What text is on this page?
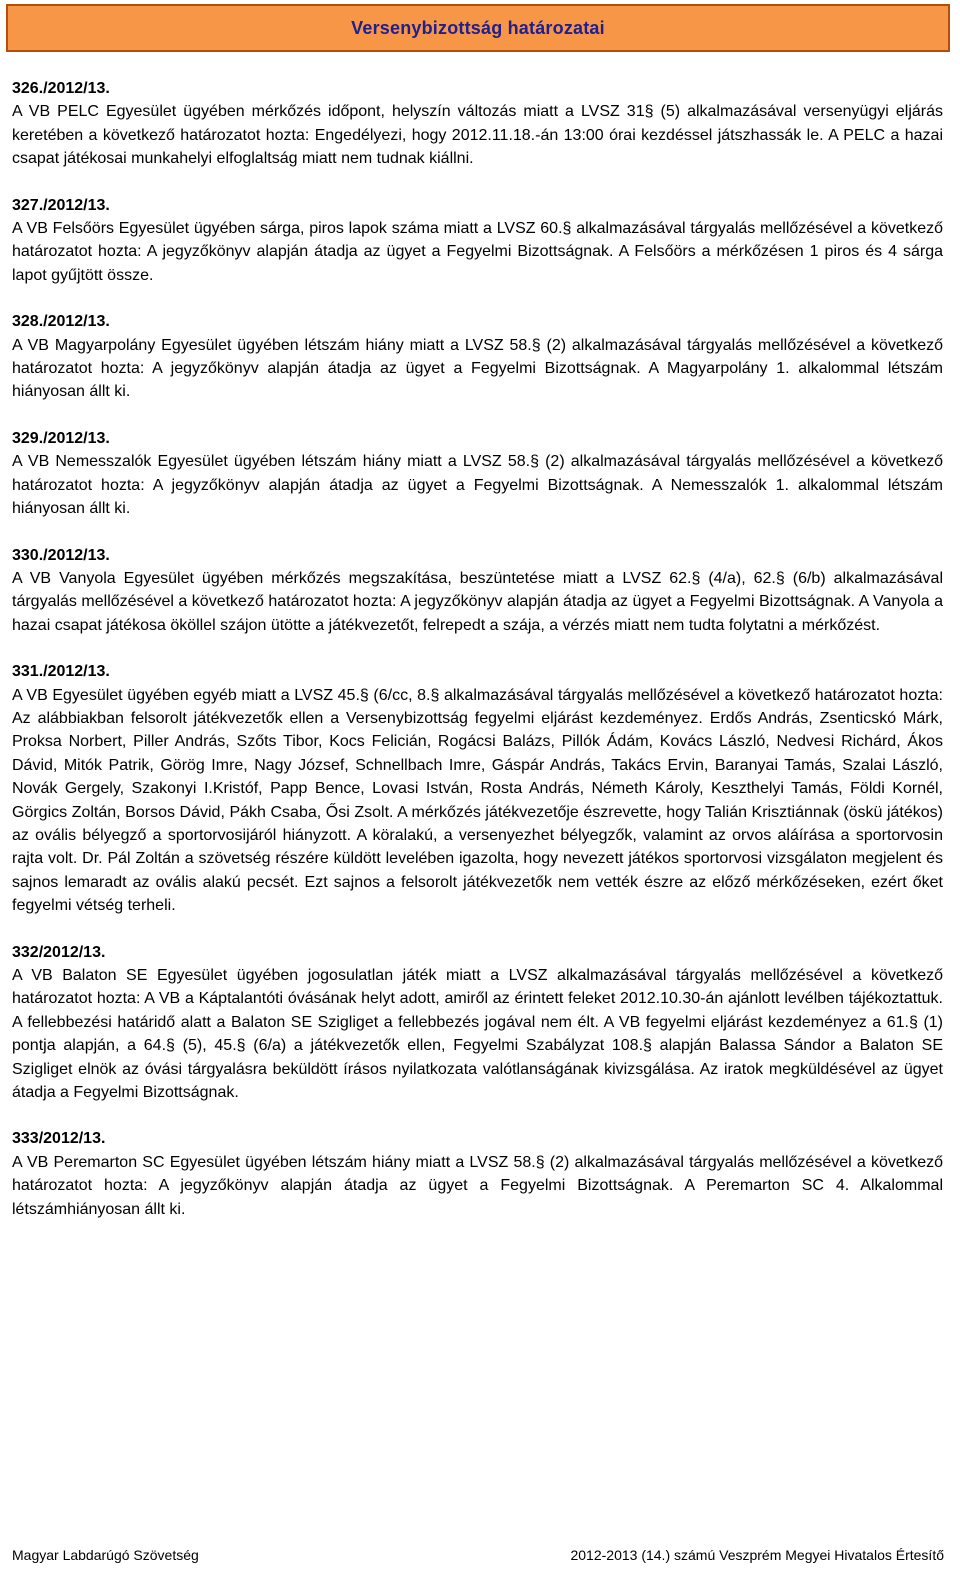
Versenybizottság határozatai

326./2012/13.

A VB PELC Egyesület ügyében mérkőzés időpont, helyszín változás miatt a LVSZ 31§ (5) alkalmazásával versenyügyi eljárás keretében a következő határozatot hozta: Engedélyezi, hogy 2012.11.18.-án 13:00 órai kezdéssel játszhassák le. A PELC a hazai csapat játékosai munkahelyi elfoglaltság miatt nem tudnak kiállni.

327./2012/13.

A VB Felsőörs Egyesület ügyében sárga, piros lapok száma miatt a LVSZ 60.§ alkalmazásával tárgyalás mellőzésével a következő határozatot hozta: A jegyzőkönyv alapján átadja az ügyet a Fegyelmi Bizottságnak. A Felsőörs a mérkőzésen 1 piros és 4 sárga lapot gyűjtött össze.

328./2012/13.

A VB Magyarpolány Egyesület ügyében létszám hiány miatt a LVSZ 58.§ (2) alkalmazásával tárgyalás mellőzésével a következő határozatot hozta: A jegyzőkönyv alapján átadja az ügyet a Fegyelmi Bizottságnak. A Magyarpolány 1. alkalommal létszám hiányosan állt ki.

329./2012/13.

A VB Nemesszalók Egyesület ügyében létszám hiány miatt a LVSZ 58.§ (2) alkalmazásával tárgyalás mellőzésével a következő határozatot hozta: A jegyzőkönyv alapján átadja az ügyet a Fegyelmi Bizottságnak. A Nemesszalók 1. alkalommal létszám hiányosan állt ki.

330./2012/13.

A VB Vanyola Egyesület ügyében mérkőzés megszakítása, beszüntetése miatt a LVSZ 62.§ (4/a), 62.§ (6/b) alkalmazásával tárgyalás mellőzésével a következő határozatot hozta: A jegyzőkönyv alapján átadja az ügyet a Fegyelmi Bizottságnak. A Vanyola a hazai csapat játékosa ököllel szájon ütötte a játékvezetőt, felrepedt a szája, a vérzés miatt nem tudta folytatni a mérkőzést.

331./2012/13.

A VB Egyesület ügyében egyéb miatt a LVSZ 45.§ (6/cc, 8.§ alkalmazásával tárgyalás mellőzésével a következő határozatot hozta: Az alábbiakban felsorolt játékvezetők ellen a Versenybizottság fegyelmi eljárást kezdeményez. Erdős András, Zsenticskó Márk, Proksa Norbert, Piller András, Szőts Tibor, Kocs Felicián, Rogácsi Balázs, Pillók Ádám, Kovács László, Nedvesi Richárd, Ákos Dávid, Mitók Patrik, Görög Imre, Nagy József, Schnellbach Imre, Gáspár András, Takács Ervin, Baranyai Tamás, Szalai László, Novák Gergely, Szakonyi I.Kristóf, Papp Bence, Lovasi István, Rosta András, Németh Károly, Keszthelyi Tamás, Földi Kornél, Görgics Zoltán, Borsos Dávid, Pákh Csaba, Ősi Zsolt. A mérkőzés játékvezetője észrevette, hogy Talián Krisztiánnak (öskü játékos) az ovális bélyegző a sportorvosijáról hiányzott. A köralakú, a versenyezhet bélyegzők, valamint az orvos aláírása a sportorvosin rajta volt. Dr. Pál Zoltán a szövetség részére küldött levelében igazolta, hogy nevezett játékos sportorvosi vizsgálaton megjelent és sajnos lemaradt az ovális alakú pecsét. Ezt sajnos a felsorolt játékvezetők nem vették észre az előző mérkőzéseken, ezért őket fegyelmi vétség terheli.

332/2012/13.

A VB Balaton SE Egyesület ügyében jogosulatlan játék miatt a LVSZ alkalmazásával tárgyalás mellőzésével a következő határozatot hozta: A VB a Káptalantóti óvásának helyt adott, amiről az érintett feleket 2012.10.30-án ajánlott levélben tájékoztattuk. A fellebbezési határidő alatt a Balaton SE Szigliget a fellebbezés jogával nem élt. A VB fegyelmi eljárást kezdeményez a 61.§ (1) pontja alapján, a 64.§ (5), 45.§ (6/a) a játékvezetők ellen, Fegyelmi Szabályzat 108.§ alapján Balassa Sándor a Balaton SE Szigliget elnök az óvási tárgyalásra beküldött írásos nyilatkozata valótlanságának kivizsgálása. Az iratok megküldésével az ügyet átadja a Fegyelmi Bizottságnak.

333/2012/13.

A VB Peremarton SC Egyesület ügyében létszám hiány miatt a LVSZ 58.§ (2) alkalmazásával tárgyalás mellőzésével a következő határozatot hozta: A jegyzőkönyv alapján átadja az ügyet a Fegyelmi Bizottságnak. A Peremarton SC 4. Alkalommal létszámhiányosan állt ki.

Magyar Labdarúgó Szövetség	2012-2013 (14.) számú Veszprém Megyei Hivatalos Értesítő
